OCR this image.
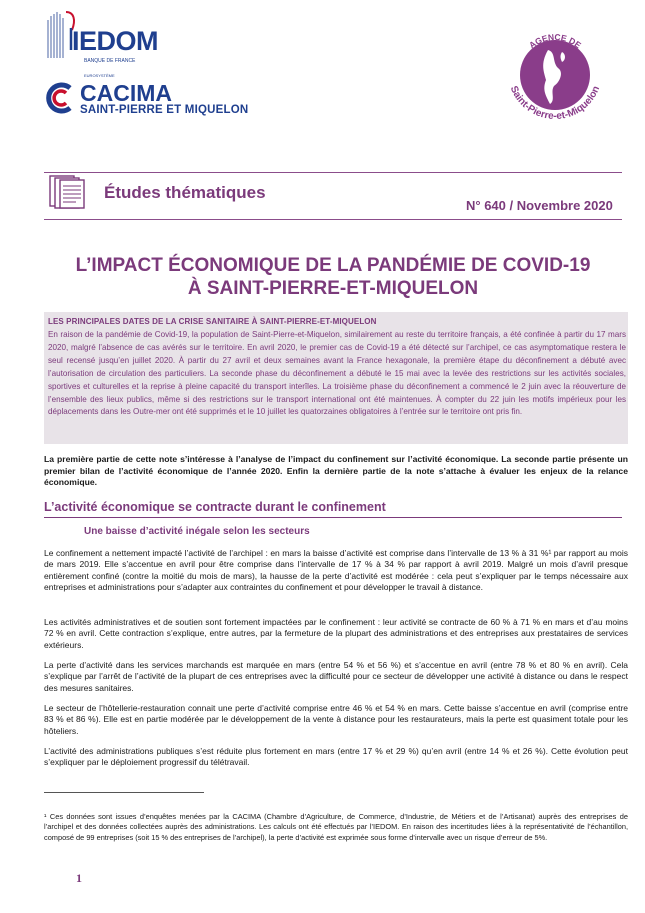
IEDOM
BANQUE DE FRANCE
EUROSYSTÈME
CACIMA
SAINT-PIERRE ET MIQUELON
AGENCE DE
Saint-Pierre-et-Miquelon
Études thématiques
N° 640 / Novembre 2020
L’IMPACT ÉCONOMIQUE DE LA PANDÉMIE DE COVID-19
À SAINT-PIERRE-ET-MIQUELON
LES PRINCIPALES DATES DE LA CRISE SANITAIRE À SAINT-PIERRE-ET-MIQUELON
En raison de la pandémie de Covid-19, la population de Saint-Pierre-et-Miquelon, similairement au reste du territoire français, a été confinée à partir du 17 mars 2020, malgré l’absence de cas avérés sur le territoire. En avril 2020, le premier cas de Covid-19 a été détecté sur l’archipel, ce cas asymptomatique restera le seul recensé jusqu’en juillet 2020. À partir du 27 avril et deux semaines avant la France hexagonale, la première étape du déconfinement a débuté avec l’autorisation de circulation des particuliers. La seconde phase du déconfinement a débuté le 15 mai avec la levée des restrictions sur les activités sociales, sportives et culturelles et la reprise à pleine capacité du transport interîles. La troisième phase du déconfinement a commencé le 2 juin avec la réouverture de l’ensemble des lieux publics, même si des restrictions sur le transport international ont été maintenues. À compter du 22 juin les motifs impérieux pour les déplacements dans les Outre-mer ont été supprimés et le 10 juillet les quatorzaines obligatoires à l’entrée sur le territoire ont pris fin.
La première partie de cette note s’intéresse à l’analyse de l’impact du confinement sur l’activité économique. La seconde partie présente un premier bilan de l’activité économique de l’année 2020. Enfin la dernière partie de la note s’attache à évaluer les enjeux de la relance économique.
L’activité économique se contracte durant le confinement
Une baisse d’activité inégale selon les secteurs
Le confinement a nettement impacté l’activité de l’archipel : en mars la baisse d’activité est comprise dans l’intervalle de 13 % à 31 %¹ par rapport au mois de mars 2019. Elle s’accentue en avril pour être comprise dans l’intervalle de 17 % à 34 % par rapport à avril 2019. Malgré un mois d’avril presque entièrement confiné (contre la moitié du mois de mars), la hausse de la perte d’activité est modérée : cela peut s’expliquer par le temps nécessaire aux entreprises et administrations pour s’adapter aux contraintes du confinement et pour développer le travail à distance.
Les activités administratives et de soutien sont fortement impactées par le confinement : leur activité se contracte de 60 % à 71 % en mars et d’au moins 72 % en avril. Cette contraction s’explique, entre autres, par la fermeture de la plupart des administrations et des entreprises aux prestataires de services extérieurs.
La perte d’activité dans les services marchands est marquée en mars (entre 54 % et 56 %) et s’accentue en avril (entre 78 % et 80 % en avril). Cela s’explique par l’arrêt de l’activité de la plupart de ces entreprises avec la difficulté pour ce secteur de développer une activité à distance ou dans le respect des mesures sanitaires.
Le secteur de l’hôtellerie-restauration connait une perte d’activité comprise entre 46 % et 54 % en mars. Cette baisse s’accentue en avril (comprise entre 83 % et 86 %). Elle est en partie modérée par le développement de la vente à distance pour les restaurateurs, mais la perte est quasiment totale pour les hôteliers.
L’activité des administrations publiques s’est réduite plus fortement en mars (entre 17 % et 29 %) qu’en avril (entre 14 % et 26 %). Cette évolution peut s’expliquer par le déploiement progressif du télétravail.
¹ Ces données sont issues d’enquêtes menées par la CACIMA (Chambre d’Agriculture, de Commerce, d’Industrie, de Métiers et de l’Artisanat) auprès des entreprises de l’archipel et des données collectées auprès des administrations. Les calculs ont été effectués par l’IEDOM. En raison des incertitudes liées à la représentativité de l’échantillon, composé de 99 entreprises (soit 15 % des entreprises de l’archipel), la perte d’activité est exprimée sous forme d’intervalle avec un risque d’erreur de 5%.
1
